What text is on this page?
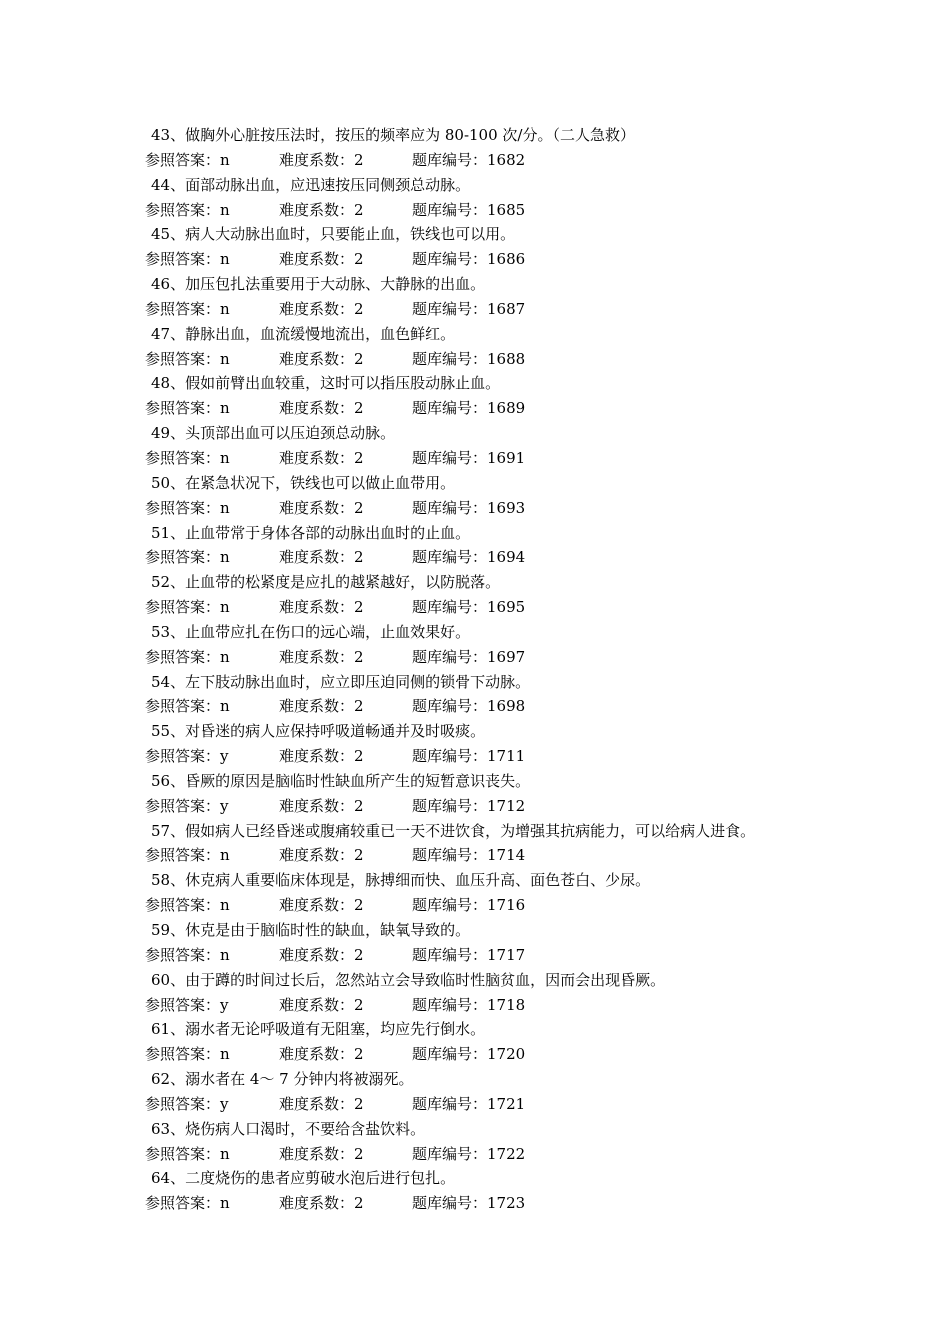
43、做胸外心脏按压法时，按压的频率应为 80-100 次/分。（二人急救）
参照答案：n	难度系数：2	题库编号：1682
44、面部动脉出血，应迅速按压同侧颈总动脉。
参照答案：n	难度系数：2	题库编号：1685
45、病人大动脉出血时，只要能止血，铁线也可以用。
参照答案：n	难度系数：2	题库编号：1686
46、加压包扎法重要用于大动脉、大静脉的出血。
参照答案：n	难度系数：2	题库编号：1687
47、静脉出血，血流缓慢地流出，血色鲜红。
参照答案：n	难度系数：2	题库编号：1688
48、假如前臂出血较重，这时可以指压股动脉止血。
参照答案：n	难度系数：2	题库编号：1689
49、头顶部出血可以压迫颈总动脉。
参照答案：n	难度系数：2	题库编号：1691
50、在紧急状况下，铁线也可以做止血带用。
参照答案：n	难度系数：2	题库编号：1693
51、止血带常于身体各部的动脉出血时的止血。
参照答案：n	难度系数：2	题库编号：1694
52、止血带的松紧度是应扎的越紧越好，以防脱落。
参照答案：n	难度系数：2	题库编号：1695
53、止血带应扎在伤口的远心端，止血效果好。
参照答案：n	难度系数：2	题库编号：1697
54、左下肢动脉出血时，应立即压迫同侧的锁骨下动脉。
参照答案：n	难度系数：2	题库编号：1698
55、对昏迷的病人应保持呼吸道畅通并及时吸痰。
参照答案：y	难度系数：2	题库编号：1711
56、昏厥的原因是脑临时性缺血所产生的短暂意识丧失。
参照答案：y	难度系数：2	题库编号：1712
57、假如病人已经昏迷或腹痛较重已一天不进饮食，为增强其抗病能力，可以给病人进食。
参照答案：n	难度系数：2	题库编号：1714
58、休克病人重要临床体现是，脉搏细而快、血压升高、面色苍白、少尿。
参照答案：n	难度系数：2	题库编号：1716
59、休克是由于脑临时性的缺血，缺氧导致的。
参照答案：n	难度系数：2	题库编号：1717
60、由于蹲的时间过长后，忽然站立会导致临时性脑贫血，因而会出现昏厥。
参照答案：y	难度系数：2	题库编号：1718
61、溺水者无论呼吸道有无阻塞，均应先行倒水。
参照答案：n	难度系数：2	题库编号：1720
62、溺水者在 4～ 7 分钟内将被溺死。
参照答案：y	难度系数：2	题库编号：1721
63、烧伤病人口渴时，不要给含盐饮料。
参照答案：n	难度系数：2	题库编号：1722
64、二度烧伤的患者应剪破水泡后进行包扎。
参照答案：n	难度系数：2	题库编号：1723
